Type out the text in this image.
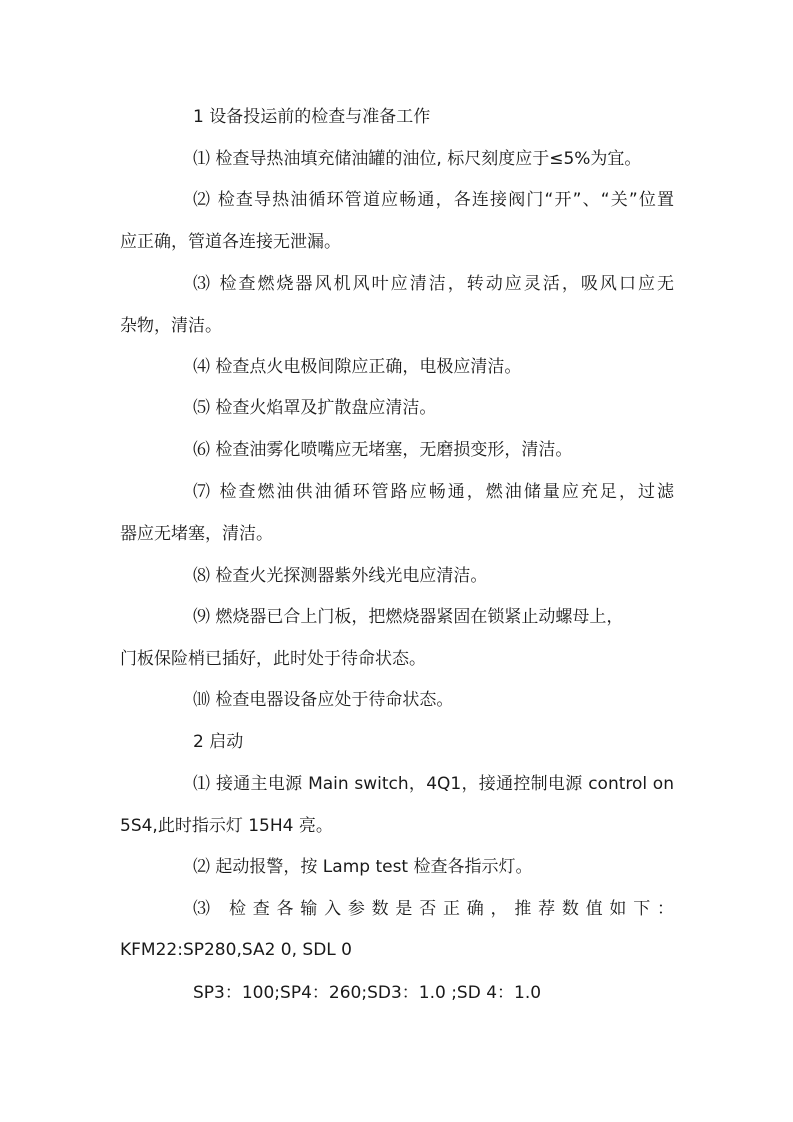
1 设备投运前的检查与准备工作
⑴ 检查导热油填充储油罐的油位, 标尺刻度应于≤5%为宜。
⑵ 检查导热油循环管道应畅通，各连接阀门“开”、“关”位置
应正确，管道各连接无泄漏。
⑶ 检查燃烧器风机风叶应清洁，转动应灵活，吸风口应无
杂物，清洁。
⑷ 检查点火电极间隙应正确，电极应清洁。
⑸ 检查火焰罩及扩散盘应清洁。
⑹ 检查油雾化喷嘴应无堵塞，无磨损变形，清洁。
⑺ 检查燃油供油循环管路应畅通，燃油储量应充足，过滤
器应无堵塞，清洁。
⑻ 检查火光探测器紫外线光电应清洁。
⑼ 燃烧器已合上门板，把燃烧器紧固在锁紧止动螺母上，
门板保险梢已插好，此时处于待命状态。
⑽ 检查电器设备应处于待命状态。
2 启动
⑴ 接通主电源 Main switch，4Q1，接通控制电源 control on
5S4,此时指示灯 15H4 亮。
⑵ 起动报警，按 Lamp test 检查各指示灯。
⑶ 检查各输入参数是否正确，推荐数值如下：
KFM22:SP280,SA2 0, SDL 0
SP3：100;SP4：260;SD3：1.0 ;SD 4：1.0
